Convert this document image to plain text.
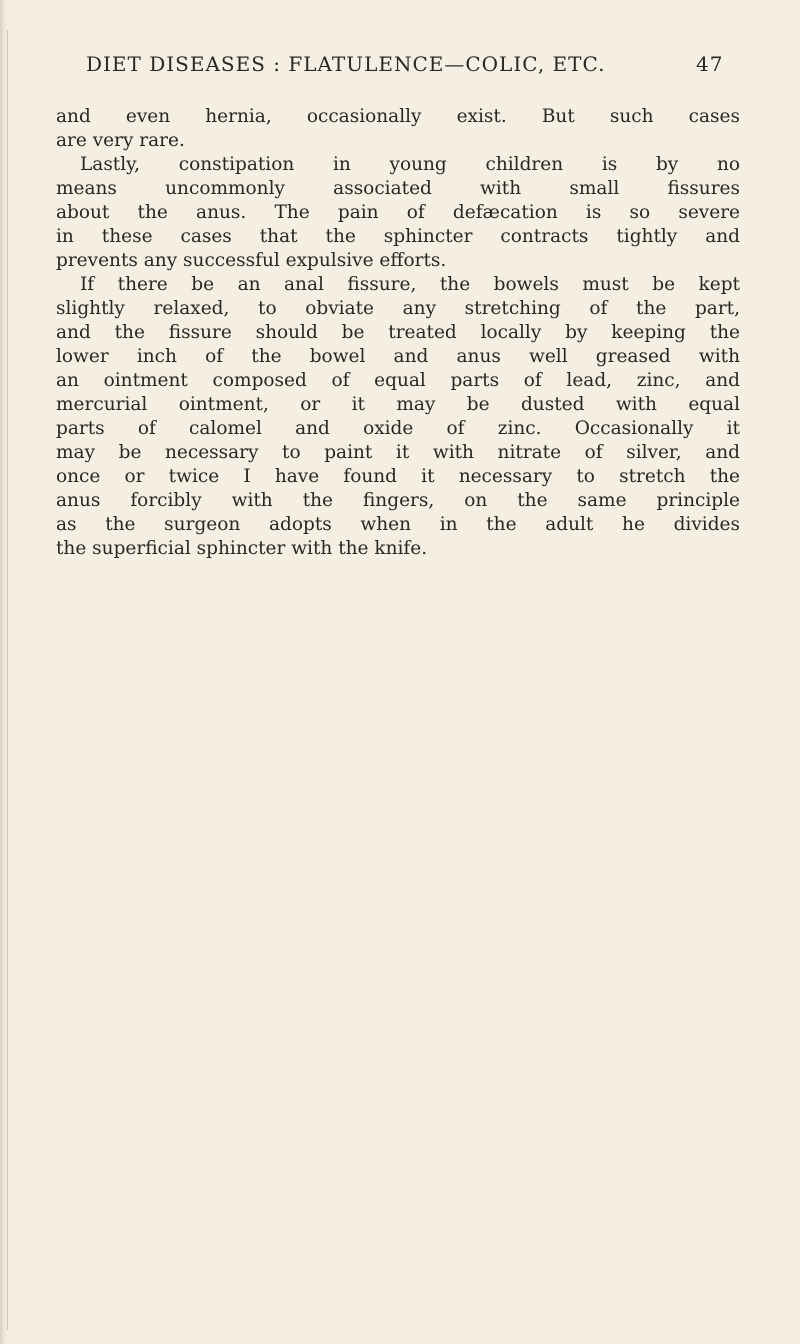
DIET DISEASES : FLATULENCE—COLIC, ETC.	47
and even hernia, occasionally exist. But such cases
are very rare.
Lastly, constipation in young children is by no
means uncommonly associated with small fissures
about the anus. The pain of defæcation is so severe
in these cases that the sphincter contracts tightly and
prevents any successful expulsive efforts.
If there be an anal fissure, the bowels must be kept
slightly relaxed, to obviate any stretching of the part,
and the fissure should be treated locally by keeping the
lower inch of the bowel and anus well greased with
an ointment composed of equal parts of lead, zinc, and
mercurial ointment, or it may be dusted with equal
parts of calomel and oxide of zinc. Occasionally it
may be necessary to paint it with nitrate of silver, and
once or twice I have found it necessary to stretch the
anus forcibly with the fingers, on the same principle
as the surgeon adopts when in the adult he divides
the superficial sphincter with the knife.
